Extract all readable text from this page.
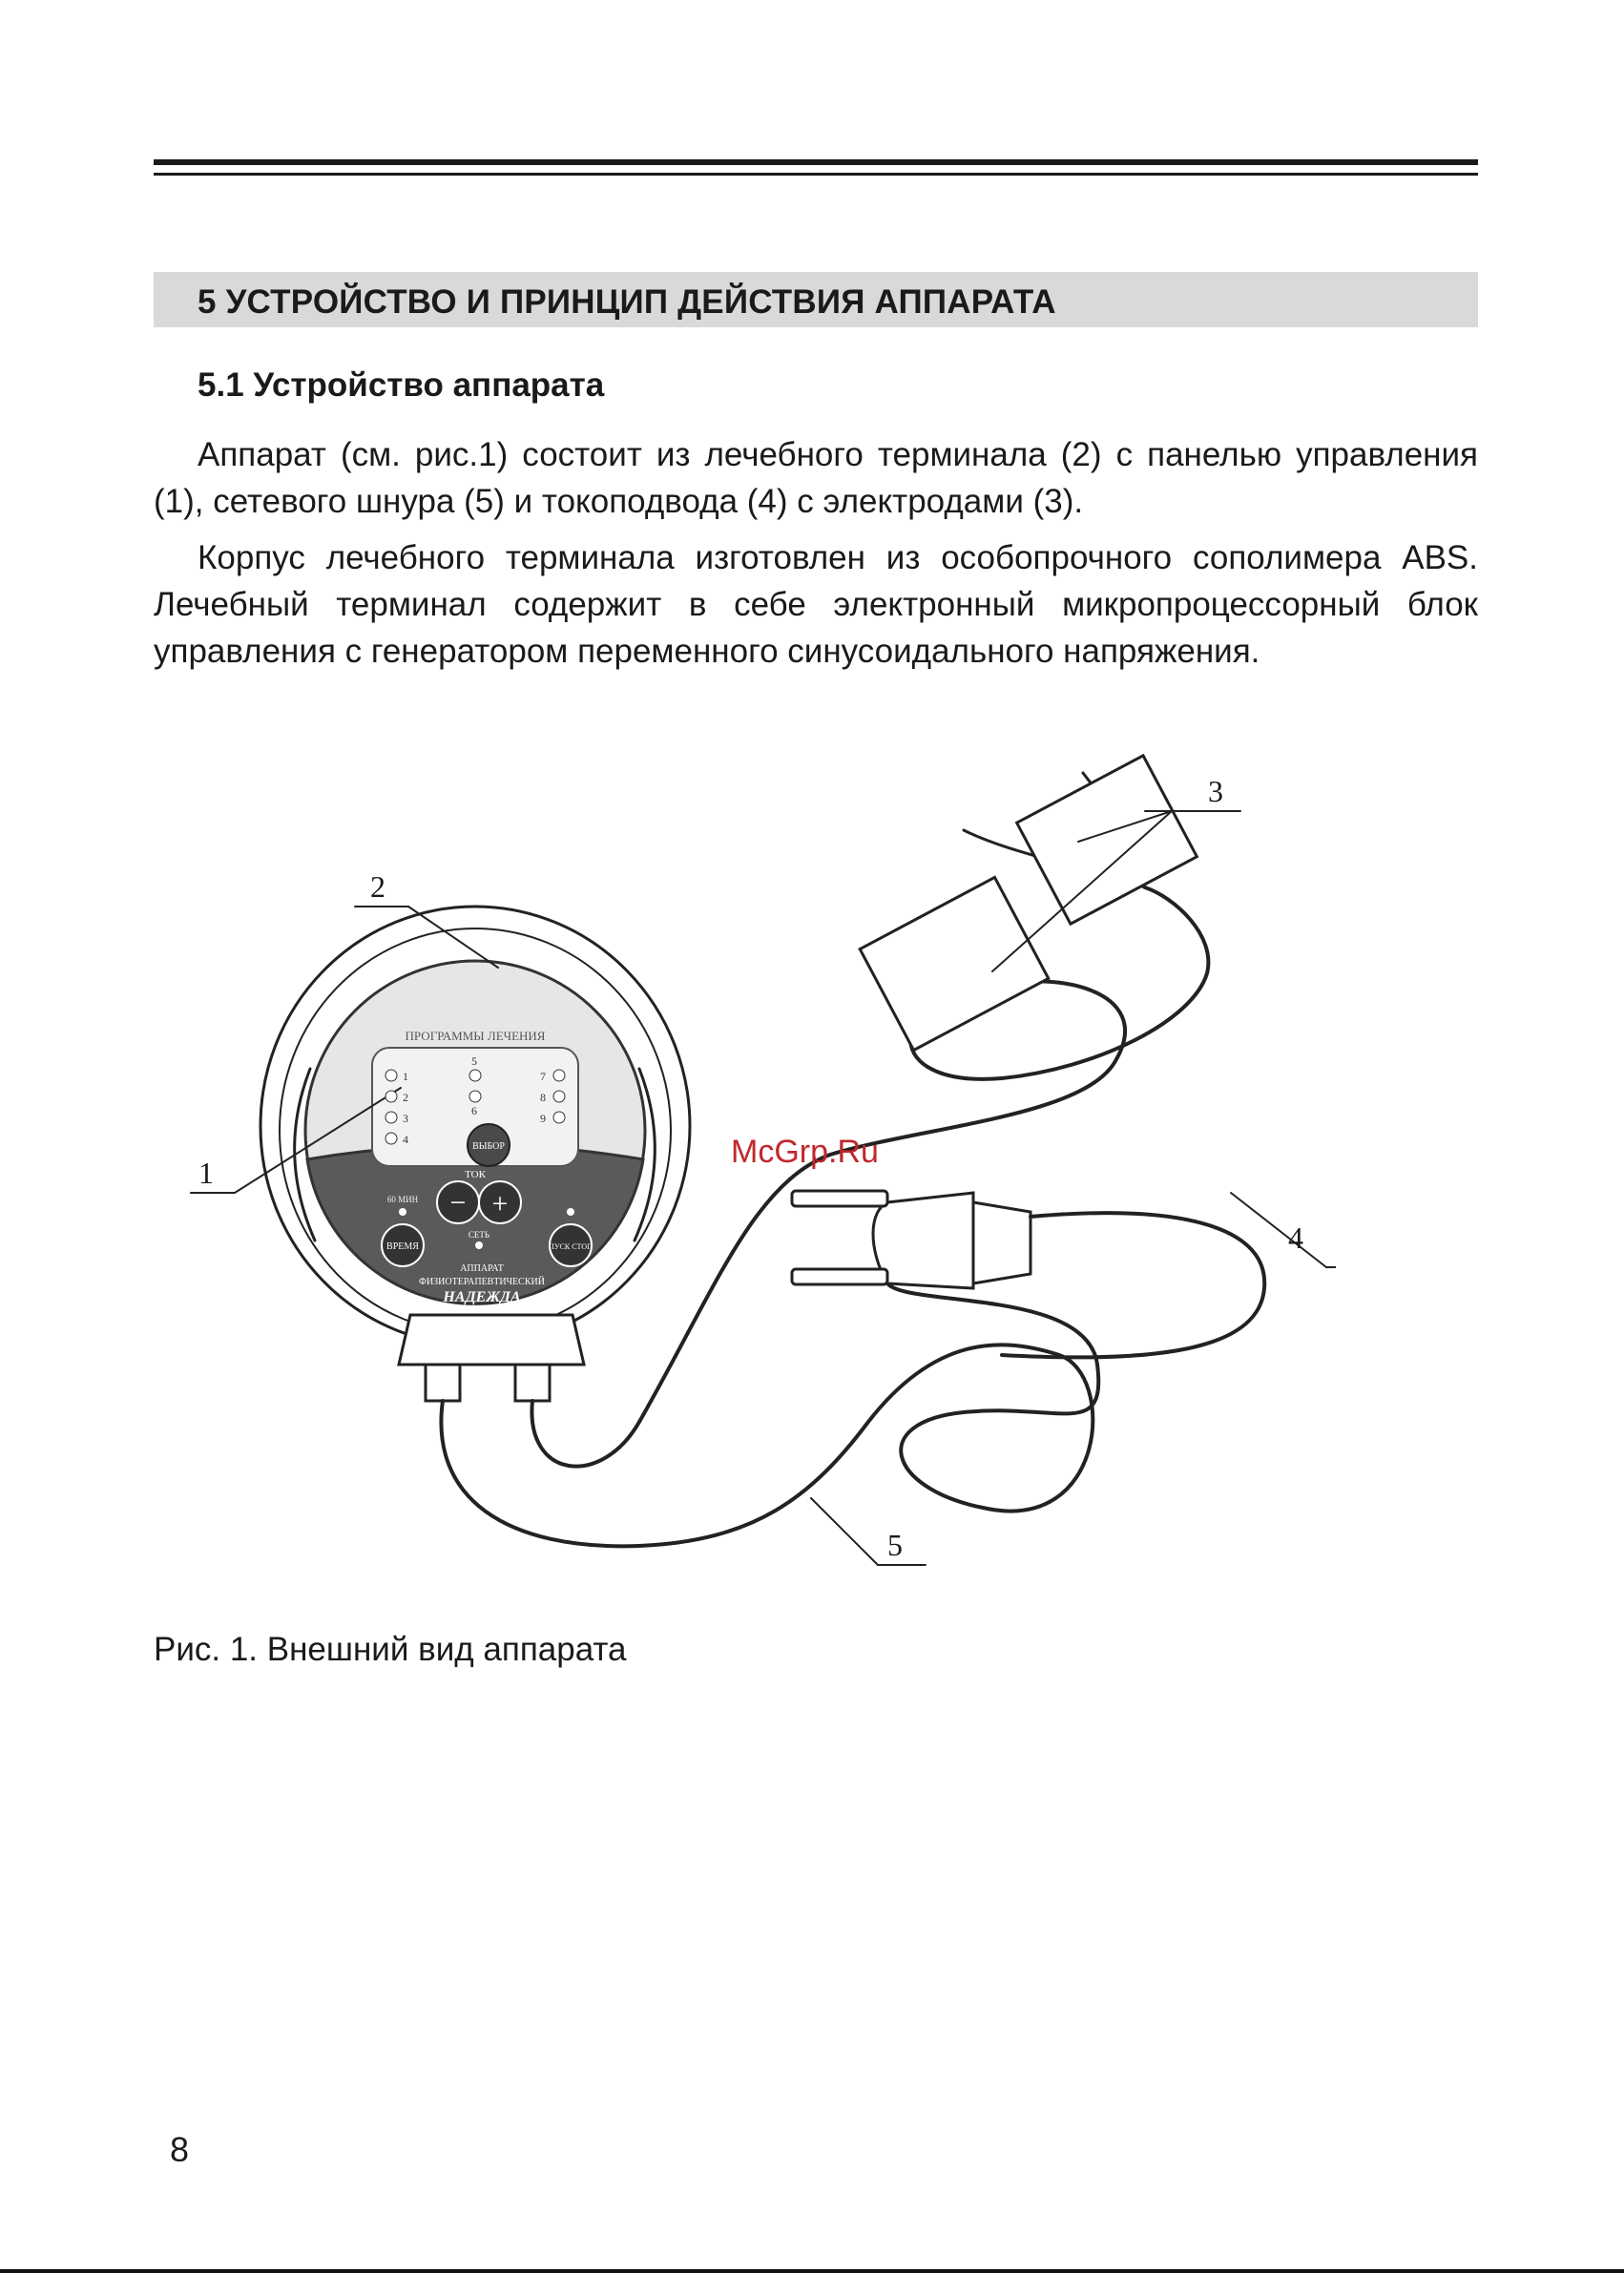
5 УСТРОЙСТВО И ПРИНЦИП ДЕЙСТВИЯ АППАРАТА
5.1 Устройство аппарата

Аппарат (см. рис.1) состоит из лечебного терминала (2) с панелью управления (1), сетевого шнура (5) и токоподвода (4) с электродами (3).

Корпус лечебного терминала изготовлен из особопрочного сополимера ABS. Лечебный терминал содержит в себе электронный микропроцессорный блок управления с генератором переменного синусоидального напряжения.

ПРОГРАММЫ ЛЕЧЕНИЯ
1
2
3
4
5
6
7
8
9
ВЫБОР
ТОК
− +
60 МИН
ВРЕМЯ
СЕТЬ
ПУСК СТОП
АППАРАТ
ФИЗИОТЕРАПЕВТИЧЕСКИЙ
НАДЕЖДА
1
2
3
4
5
McGrp.Ru

Рис. 1. Внешний вид аппарата

8
